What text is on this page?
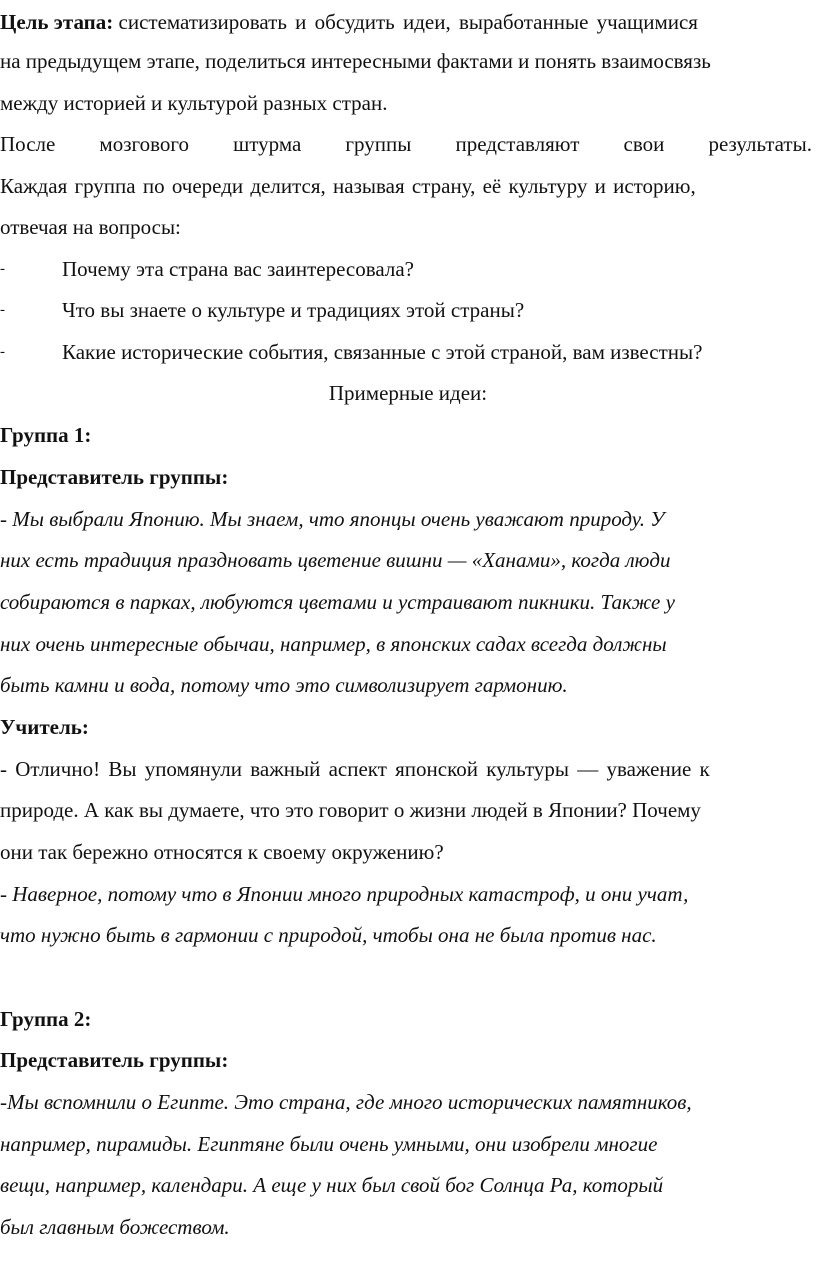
Цель этапа: систематизировать и обсудить идеи, выработанные учащимися
на предыдущем этапе, поделиться интересными фактами и понять взаимосвязь
между историей и культурой разных стран.
После мозгового штурма группы представляют свои результаты.
Каждая группа по очереди делится, называя страну, её культуру и историю,
отвечая на вопросы:
-	Почему эта страна вас заинтересовала?
-	Что вы знаете о культуре и традициях этой страны?
-	Какие исторические события, связанные с этой страной, вам известны?
Примерные идеи:
Группа 1:
Представитель группы:
- Мы выбрали Японию. Мы знаем, что японцы очень уважают природу. У
них есть традиция праздновать цветение вишни — «Ханами», когда люди
собираются в парках, любуются цветами и устраивают пикники. Также у
них очень интересные обычаи, например, в японских садах всегда должны
быть камни и вода, потому что это символизирует гармонию.
Учитель:
- Отлично! Вы упомянули важный аспект японской культуры — уважение к
природе. А как вы думаете, что это говорит о жизни людей в Японии? Почему
они так бережно относятся к своему окружению?
- Наверное, потому что в Японии много природных катастроф, и они учат,
что нужно быть в гармонии с природой, чтобы она не была против нас.
Группа 2:
Представитель группы:
-Мы вспомнили о Египте. Это страна, где много исторических памятников,
например, пирамиды. Египтяне были очень умными, они изобрели многие
вещи, например, календари. А еще у них был свой бог Солнца Ра, который
был главным божеством.
